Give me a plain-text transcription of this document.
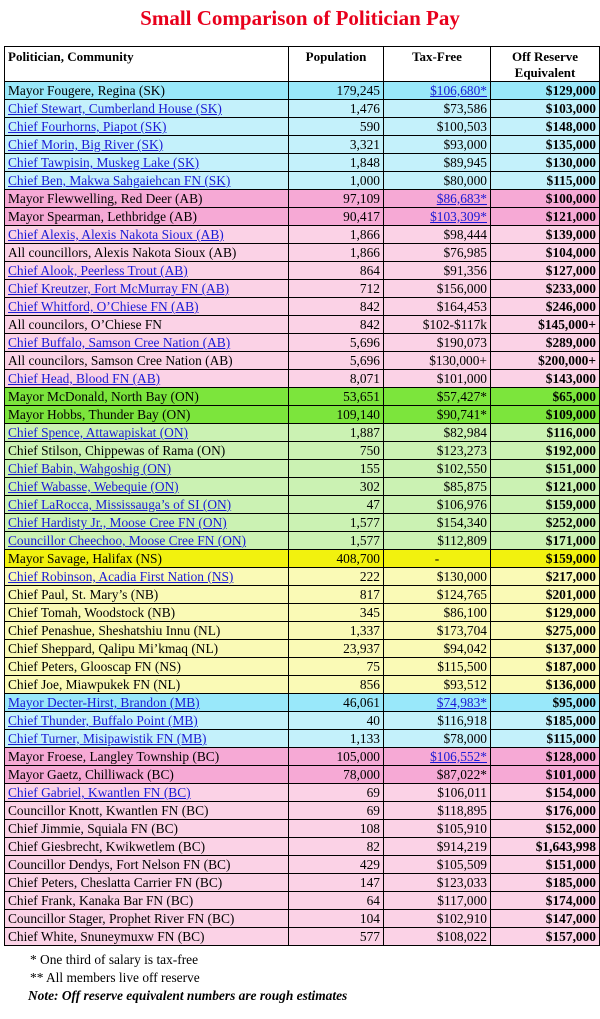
Small Comparison of Politician Pay
Politician, Community	Population	Tax-Free	Off Reserve
Equivalent
Mayor Fougere, Regina (SK)	179,245	$106,680*	$129,000
Chief Stewart, Cumberland House (SK)	1,476	$73,586	$103,000
Chief Fourhorns, Piapot (SK)	590	$100,503	$148,000
Chief Morin, Big River (SK)	3,321	$93,000	$135,000
Chief Tawpisin, Muskeg Lake (SK)	1,848	$89,945	$130,000
Chief Ben, Makwa Sahgaiehcan FN (SK)	1,000	$80,000	$115,000
Mayor Flewwelling, Red Deer (AB)	97,109	$86,683*	$100,000
Mayor Spearman, Lethbridge (AB)	90,417	$103,309*	$121,000
Chief Alexis, Alexis Nakota Sioux (AB)	1,866	$98,444	$139,000
All councillors, Alexis Nakota Sioux (AB)	1,866	$76,985	$104,000
Chief Alook, Peerless Trout (AB)	864	$91,356	$127,000
Chief Kreutzer, Fort McMurray FN (AB)	712	$156,000	$233,000
Chief Whitford, O’Chiese FN (AB)	842	$164,453	$246,000
All councilors, O’Chiese FN	842	$102-$117k	$145,000+
Chief Buffalo, Samson Cree Nation (AB)	5,696	$190,073	$289,000
All councilors, Samson Cree Nation (AB)	5,696	$130,000+	$200,000+
Chief Head, Blood FN (AB)	8,071	$101,000	$143,000
Mayor McDonald, North Bay (ON)	53,651	$57,427*	$65,000
Mayor Hobbs, Thunder Bay (ON)	109,140	$90,741*	$109,000
Chief Spence, Attawapiskat (ON)	1,887	$82,984	$116,000
Chief Stilson, Chippewas of Rama (ON)	750	$123,273	$192,000
Chief Babin, Wahgoshig (ON)	155	$102,550	$151,000
Chief Wabasse, Webequie (ON)	302	$85,875	$121,000
Chief LaRocca, Mississauga’s of SI (ON)	47	$106,976	$159,000
Chief Hardisty Jr., Moose Cree FN (ON)	1,577	$154,340	$252,000
Councillor Cheechoo, Moose Cree FN (ON)	1,577	$112,809	$171,000
Mayor Savage, Halifax (NS)	408,700	-	$159,000
Chief Robinson, Acadia First Nation (NS)	222	$130,000	$217,000
Chief Paul, St. Mary’s (NB)	817	$124,765	$201,000
Chief Tomah, Woodstock (NB)	345	$86,100	$129,000
Chief Penashue, Sheshatshiu Innu (NL)	1,337	$173,704	$275,000
Chief Sheppard, Qalipu Mi’kmaq (NL)	23,937	$94,042	$137,000
Chief Peters, Glooscap FN (NS)	75	$115,500	$187,000
Chief Joe, Miawpukek FN (NL)	856	$93,512	$136,000
Mayor Decter-Hirst, Brandon (MB)	46,061	$74,983*	$95,000
Chief Thunder, Buffalo Point (MB)	40	$116,918	$185,000
Chief Turner, Misipawistik FN (MB)	1,133	$78,000	$115,000
Mayor Froese, Langley Township (BC)	105,000	$106,552*	$128,000
Mayor Gaetz, Chilliwack (BC)	78,000	$87,022*	$101,000
Chief Gabriel, Kwantlen FN (BC)	69	$106,011	$154,000
Councillor Knott, Kwantlen FN (BC)	69	$118,895	$176,000
Chief Jimmie, Squiala FN (BC)	108	$105,910	$152,000
Chief Giesbrecht, Kwikwetlem (BC)	82	$914,219	$1,643,998
Councillor Dendys, Fort Nelson FN (BC)	429	$105,509	$151,000
Chief Peters, Cheslatta Carrier FN (BC)	147	$123,033	$185,000
Chief Frank, Kanaka Bar FN (BC)	64	$117,000	$174,000
Councillor Stager, Prophet River FN (BC)	104	$102,910	$147,000
Chief White, Snuneymuxw FN (BC)	577	$108,022	$157,000
* One third of salary is tax-free
** All members live off reserve
Note: Off reserve equivalent numbers are rough estimates
